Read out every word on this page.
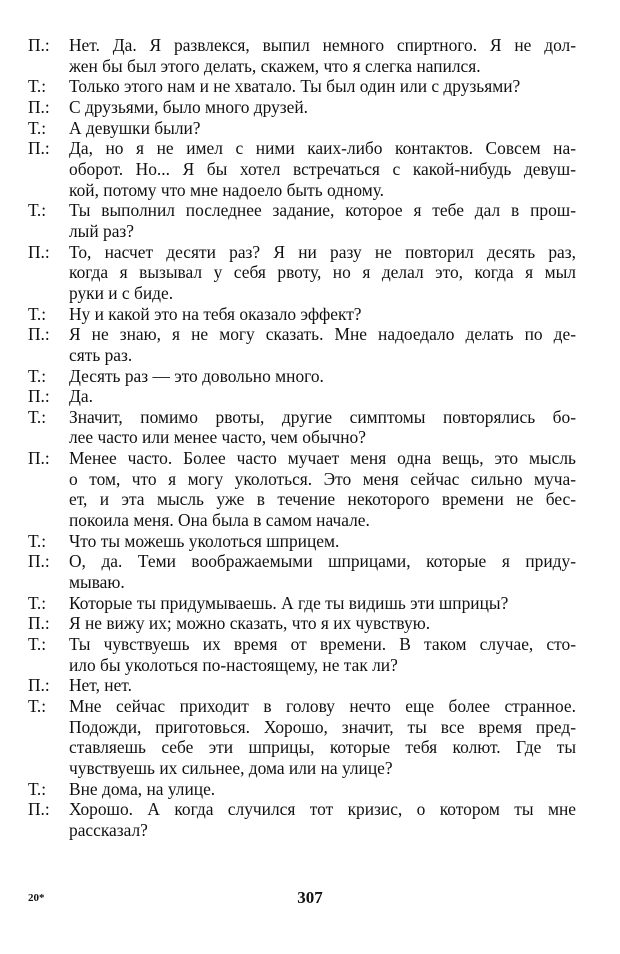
П.:	Нет. Да. Я развлекся, выпил немного спиртного. Я не дол-
жен бы был этого делать, скажем, что я слегка напился.
Т.:	Только этого нам и не хватало. Ты был один или с друзьями?
П.:	С друзьями, было много друзей.
Т.:	А девушки были?
П.:	Да, но я не имел с ними каих-либо контактов. Совсем на-
оборот. Но... Я бы хотел встречаться с какой-нибудь девуш-
кой, потому что мне надоело быть одному.
Т.:	Ты выполнил последнее задание, которое я тебе дал в прош-
лый раз?
П.:	То, насчет десяти раз? Я ни разу не повторил десять раз,
когда я вызывал у себя рвоту, но я делал это, когда я мыл
руки и с биде.
Т.:	Ну и какой это на тебя оказало эффект?
П.:	Я не знаю, я не могу сказать. Мне надоедало делать по де-
сять раз.
Т.:	Десять раз — это довольно много.
П.:	Да.
Т.:	Значит, помимо рвоты, другие симптомы повторялись бо-
лее часто или менее часто, чем обычно?
П.:	Менее часто. Более часто мучает меня одна вещь, это мысль
о том, что я могу уколоться. Это меня сейчас сильно муча-
ет, и эта мысль уже в течение некоторого времени не бес-
покоила меня. Она была в самом начале.
Т.:	Что ты можешь уколоться шприцем.
П.:	О, да. Теми воображаемыми шприцами, которые я приду-
мываю.
Т.:	Которые ты придумываешь. А где ты видишь эти шприцы?
П.:	Я не вижу их; можно сказать, что я их чувствую.
Т.:	Ты чувствуешь их время от времени. В таком случае, сто-
ило бы уколоться по-настоящему, не так ли?
П.:	Нет, нет.
Т.:	Мне сейчас приходит в голову нечто еще более странное.
Подожди, приготовься. Хорошо, значит, ты все время пред-
ставляешь себе эти шприцы, которые тебя колют. Где ты
чувствуешь их сильнее, дома или на улице?
Т.:	Вне дома, на улице.
П.:	Хорошо. А когда случился тот кризис, о котором ты мне
рассказал?
20*	307
